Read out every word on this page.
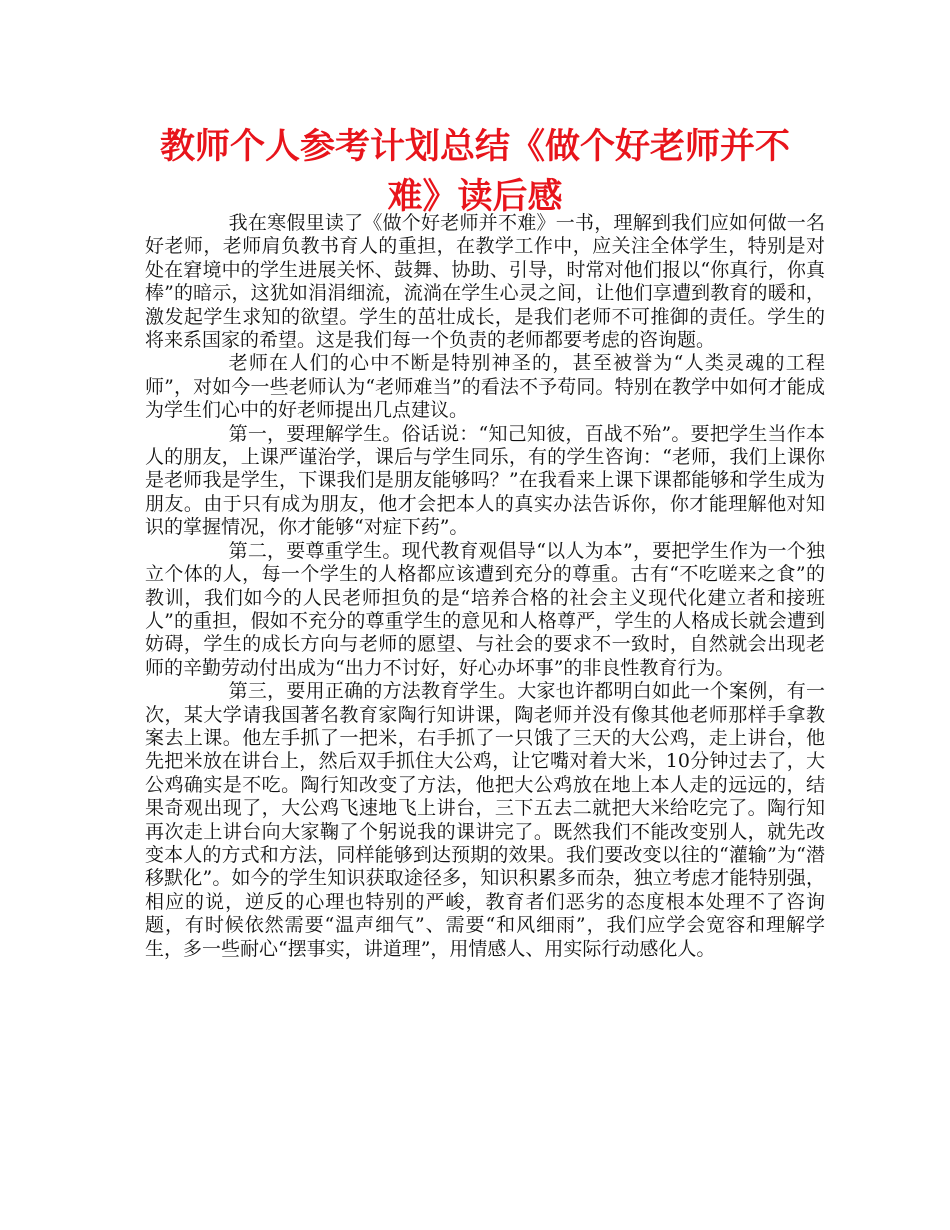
教师个人参考计划总结《做个好老师并不难》读后感

我在寒假里读了《做个好老师并不难》一书，理解到我们应如何做一名好老师，老师肩负教书育人的重担，在教学工作中，应关注全体学生，特别是对处在窘境中的学生进展关怀、鼓舞、协助、引导，时常对他们报以“你真行，你真棒”的暗示，这犹如涓涓细流，流淌在学生心灵之间，让他们享遭到教育的暖和，激发起学生求知的欲望。学生的茁壮成长，是我们老师不可推御的责任。学生的将来系国家的希望。这是我们每一个负责的老师都要考虑的咨询题。

老师在人们的心中不断是特别神圣的，甚至被誉为“人类灵魂的工程师”，对如今一些老师认为“老师难当”的看法不予苟同。特别在教学中如何才能成为学生们心中的好老师提出几点建议。

第一，要理解学生。俗话说：“知己知彼，百战不殆”。要把学生当作本人的朋友，上课严谨治学，课后与学生同乐，有的学生咨询：“老师，我们上课你是老师我是学生，下课我们是朋友能够吗？”在我看来上课下课都能够和学生成为朋友。由于只有成为朋友，他才会把本人的真实办法告诉你，你才能理解他对知识的掌握情况，你才能够“对症下药”。

第二，要尊重学生。现代教育观倡导“以人为本”，要把学生作为一个独立个体的人，每一个学生的人格都应该遭到充分的尊重。古有“不吃嗟来之食”的教训，我们如今的人民老师担负的是“培养合格的社会主义现代化建立者和接班人”的重担，假如不充分的尊重学生的意见和人格尊严，学生的人格成长就会遭到妨碍，学生的成长方向与老师的愿望、与社会的要求不一致时，自然就会出现老师的辛勤劳动付出成为“出力不讨好，好心办坏事”的非良性教育行为。

第三，要用正确的方法教育学生。大家也许都明白如此一个案例，有一次，某大学请我国著名教育家陶行知讲课，陶老师并没有像其他老师那样手拿教案去上课。他左手抓了一把米，右手抓了一只饿了三天的大公鸡，走上讲台，他先把米放在讲台上，然后双手抓住大公鸡，让它嘴对着大米，10分钟过去了，大公鸡确实是不吃。陶行知改变了方法，他把大公鸡放在地上本人走的远远的，结果奇观出现了，大公鸡飞速地飞上讲台，三下五去二就把大米给吃完了。陶行知再次走上讲台向大家鞠了个躬说我的课讲完了。既然我们不能改变别人，就先改变本人的方式和方法，同样能够到达预期的效果。我们要改变以往的“灌输”为“潜移默化”。如今的学生知识获取途径多，知识积累多而杂，独立考虑才能特别强，相应的说，逆反的心理也特别的严峻，教育者们恶劣的态度根本处理不了咨询题，有时候依然需要“温声细气”、需要“和风细雨”，我们应学会宽容和理解学生，多一些耐心“摆事实，讲道理”，用情感人、用实际行动感化人。
